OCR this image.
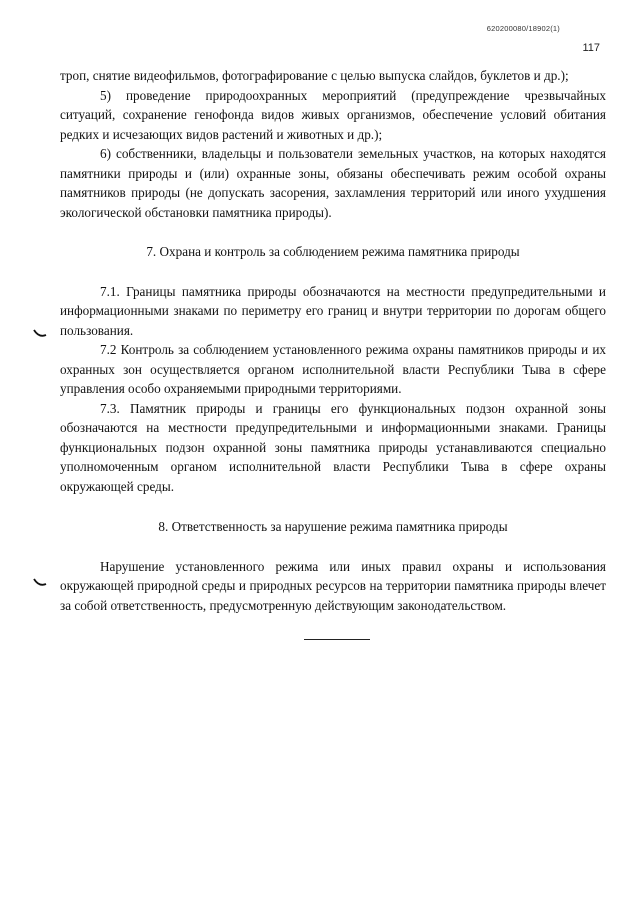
620200080/18902(1)
117

троп, снятие видеофильмов, фотографирование с целью выпуска слайдов, буклетов и др.);

5) проведение природоохранных мероприятий (предупреждение чрезвычайных ситуаций, сохранение генофонда видов живых организмов, обеспечение условий обитания редких и исчезающих видов растений и животных и др.);

6) собственники, владельцы и пользователи земельных участков, на которых находятся памятники природы и (или) охранные зоны, обязаны обеспечивать режим особой охраны памятников природы (не допускать засорения, захламления территорий или иного ухудшения экологической обстановки памятника природы).

7. Охрана и контроль за соблюдением режима памятника природы

7.1. Границы памятника природы обозначаются на местности предупредительными и информационными знаками по периметру его границ и внутри территории по дорогам общего пользования.

7.2 Контроль за соблюдением установленного режима охраны памятников природы и их охранных зон осуществляется органом исполнительной власти Республики Тыва в сфере управления особо охраняемыми природными территориями.

7.3. Памятник природы и границы его функциональных подзон охранной зоны обозначаются на местности предупредительными и информационными знаками. Границы функциональных подзон охранной зоны памятника природы устанавливаются специально уполномоченным органом исполнительной власти Республики Тыва в сфере охраны окружающей среды.

8. Ответственность за нарушение режима памятника природы

Нарушение установленного режима или иных правил охраны и использования окружающей природной среды и природных ресурсов на территории памятника природы влечет за собой ответственность, предусмотренную действующим законодательством.
